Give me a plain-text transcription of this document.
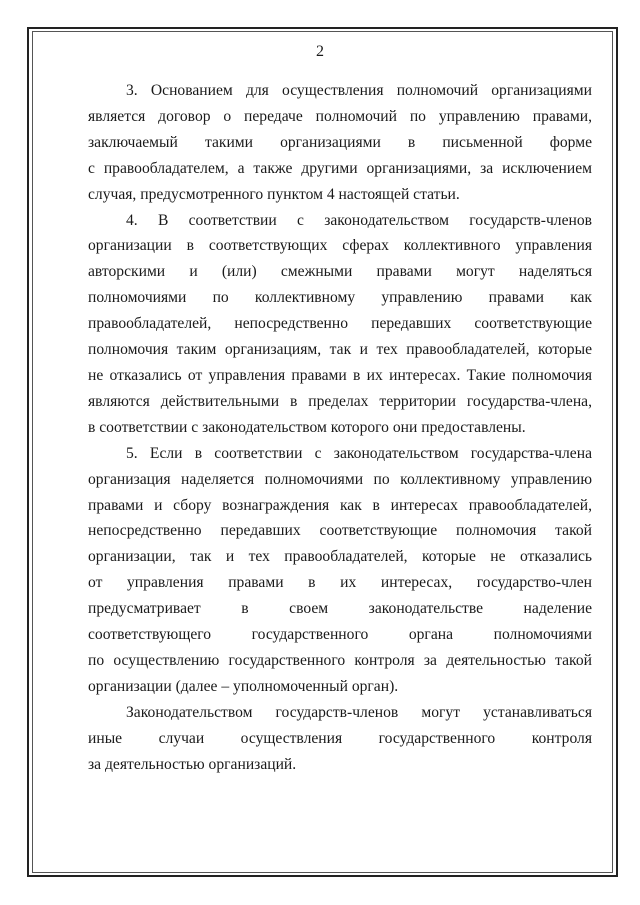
2

3. Основанием для осуществления полномочий организациями
является договор о передаче полномочий по управлению правами,
заключаемый такими организациями в письменной форме
с правообладателем, а также другими организациями, за исключением
случая, предусмотренного пунктом 4 настоящей статьи.

4. В соответствии с законодательством государств-членов
организации в соответствующих сферах коллективного управления
авторскими и (или) смежными правами могут наделяться
полномочиями по коллективному управлению правами как
правообладателей, непосредственно передавших соответствующие
полномочия таким организациям, так и тех правообладателей, которые
не отказались от управления правами в их интересах. Такие полномочия
являются действительными в пределах территории государства-члена,
в соответствии с законодательством которого они предоставлены.

5. Если в соответствии с законодательством государства-члена
организация наделяется полномочиями по коллективному управлению
правами и сбору вознаграждения как в интересах правообладателей,
непосредственно передавших соответствующие полномочия такой
организации, так и тех правообладателей, которые не отказались
от управления правами в их интересах, государство-член
предусматривает в своем законодательстве наделение
соответствующего государственного органа полномочиями
по осуществлению государственного контроля за деятельностью такой
организации (далее – уполномоченный орган).

Законодательством государств-членов могут устанавливаться
иные случаи осуществления государственного контроля
за деятельностью организаций.
